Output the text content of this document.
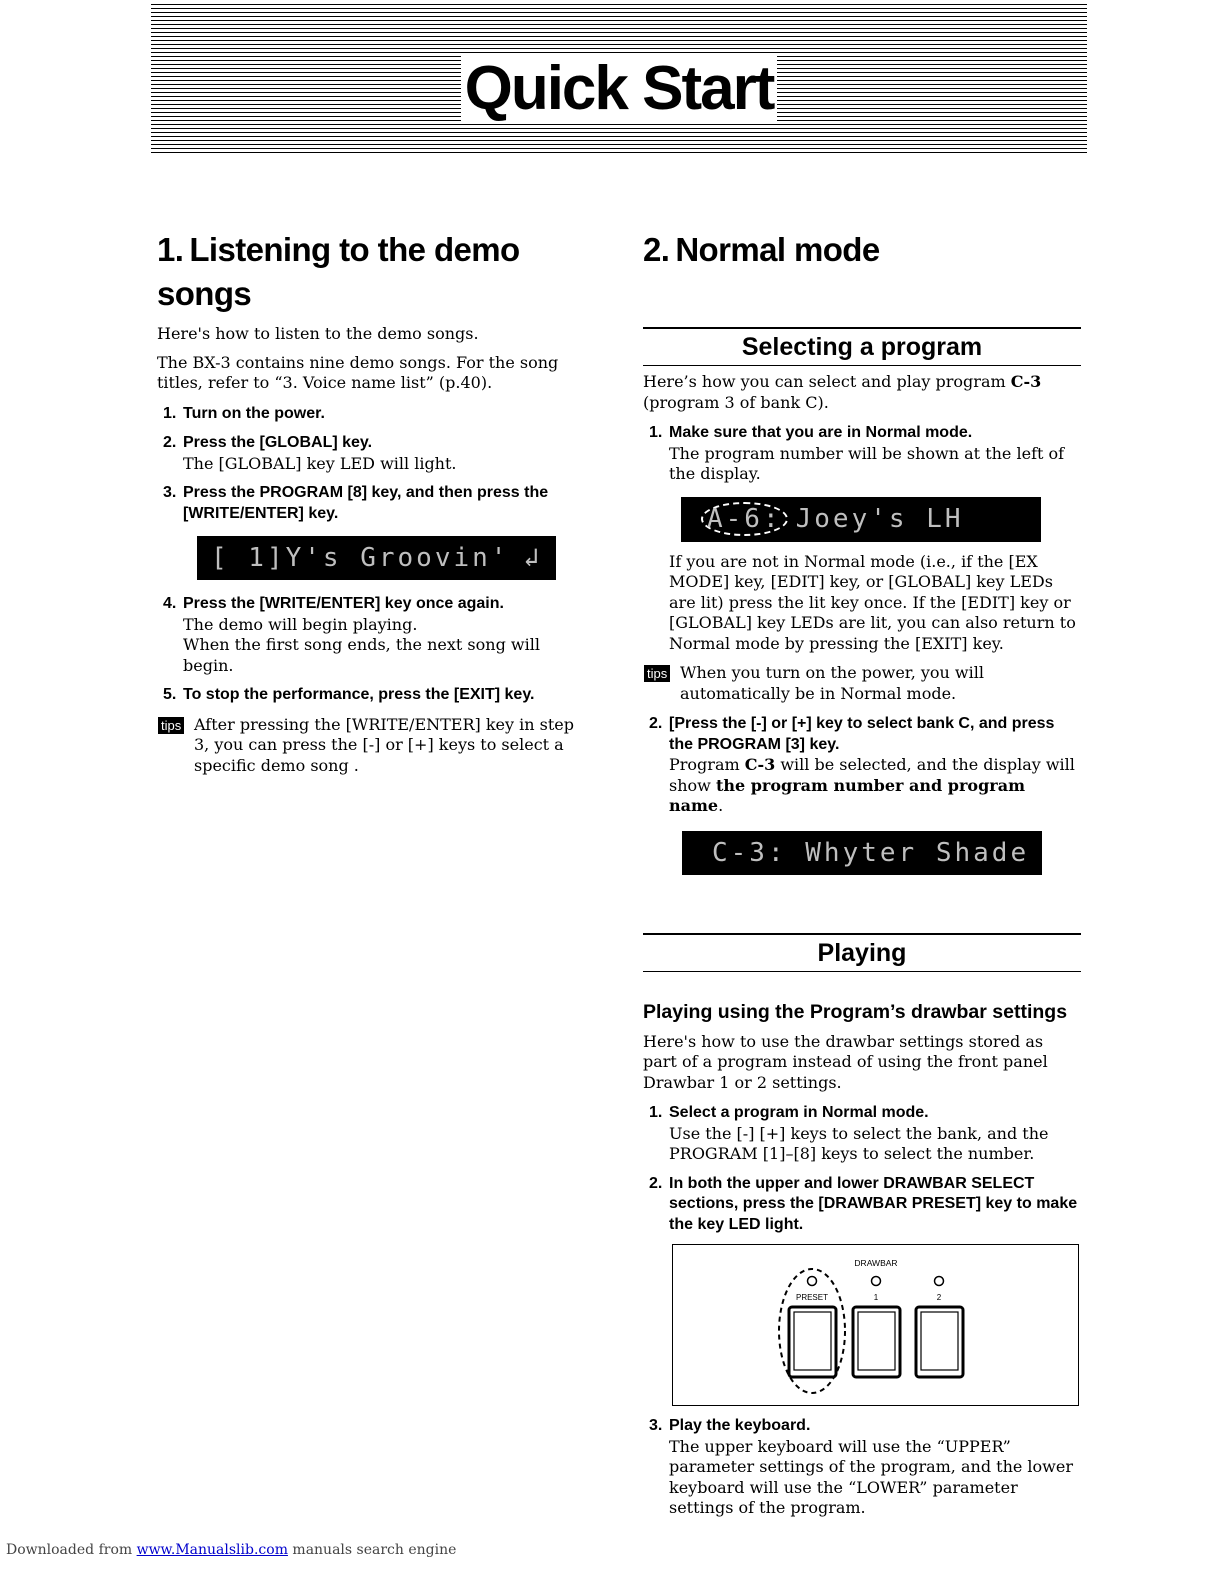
Quick Start
1. Listening to the demo songs

Here's how to listen to the demo songs.

The BX-3 contains nine demo songs. For the song titles, refer to “3. Voice name list” (p.40).

1. Turn on the power.
2. Press the [GLOBAL] key.
The [GLOBAL] key LED will light.
3. Press the PROGRAM [8] key, and then press the [WRITE/ENTER] key.
[ 1]Y's Groovin' ↲
4. Press the [WRITE/ENTER] key once again.
The demo will begin playing.
When the first song ends, the next song will begin.
5. To stop the performance, press the [EXIT] key.
tips After pressing the [WRITE/ENTER] key in step 3, you can press the [-] or [+] keys to select a specific demo song .
2. Normal mode
Selecting a program

Here’s how you can select and play program C-3 (program 3 of bank C).

1. Make sure that you are in Normal mode.
The program number will be shown at the left of the display.
A-6: Joey's LH

If you are not in Normal mode (i.e., if the [EX MODE] key, [EDIT] key, or [GLOBAL] key LEDs are lit) press the lit key once. If the [EDIT] key or [GLOBAL] key LEDs are lit, you can also return to Normal mode by pressing the [EXIT] key.

tips When you turn on the power, you will automatically be in Normal mode.
2. [Press the [-] or [+] key to select bank C, and press the PROGRAM [3] key.
Program C-3 will be selected, and the display will show the program number and program name.
C-3: Whyter Shade
Playing
Playing using the Program’s drawbar settings

Here's how to use the drawbar settings stored as part of a program instead of using the front panel Drawbar 1 or 2 settings.

1. Select a program in Normal mode.
Use the [-] [+] keys to select the bank, and the PROGRAM [1]–[8] keys to select the number.
2. In both the upper and lower DRAWBAR SELECT sections, press the [DRAWBAR PRESET] key to make the key LED light.
DRAWBAR
PRESET	1	2
3. Play the keyboard.
The upper keyboard will use the “UPPER” parameter settings of the program, and the lower keyboard will use the “LOWER” parameter settings of the program.
Downloaded from www.Manualslib.com manuals search engine
